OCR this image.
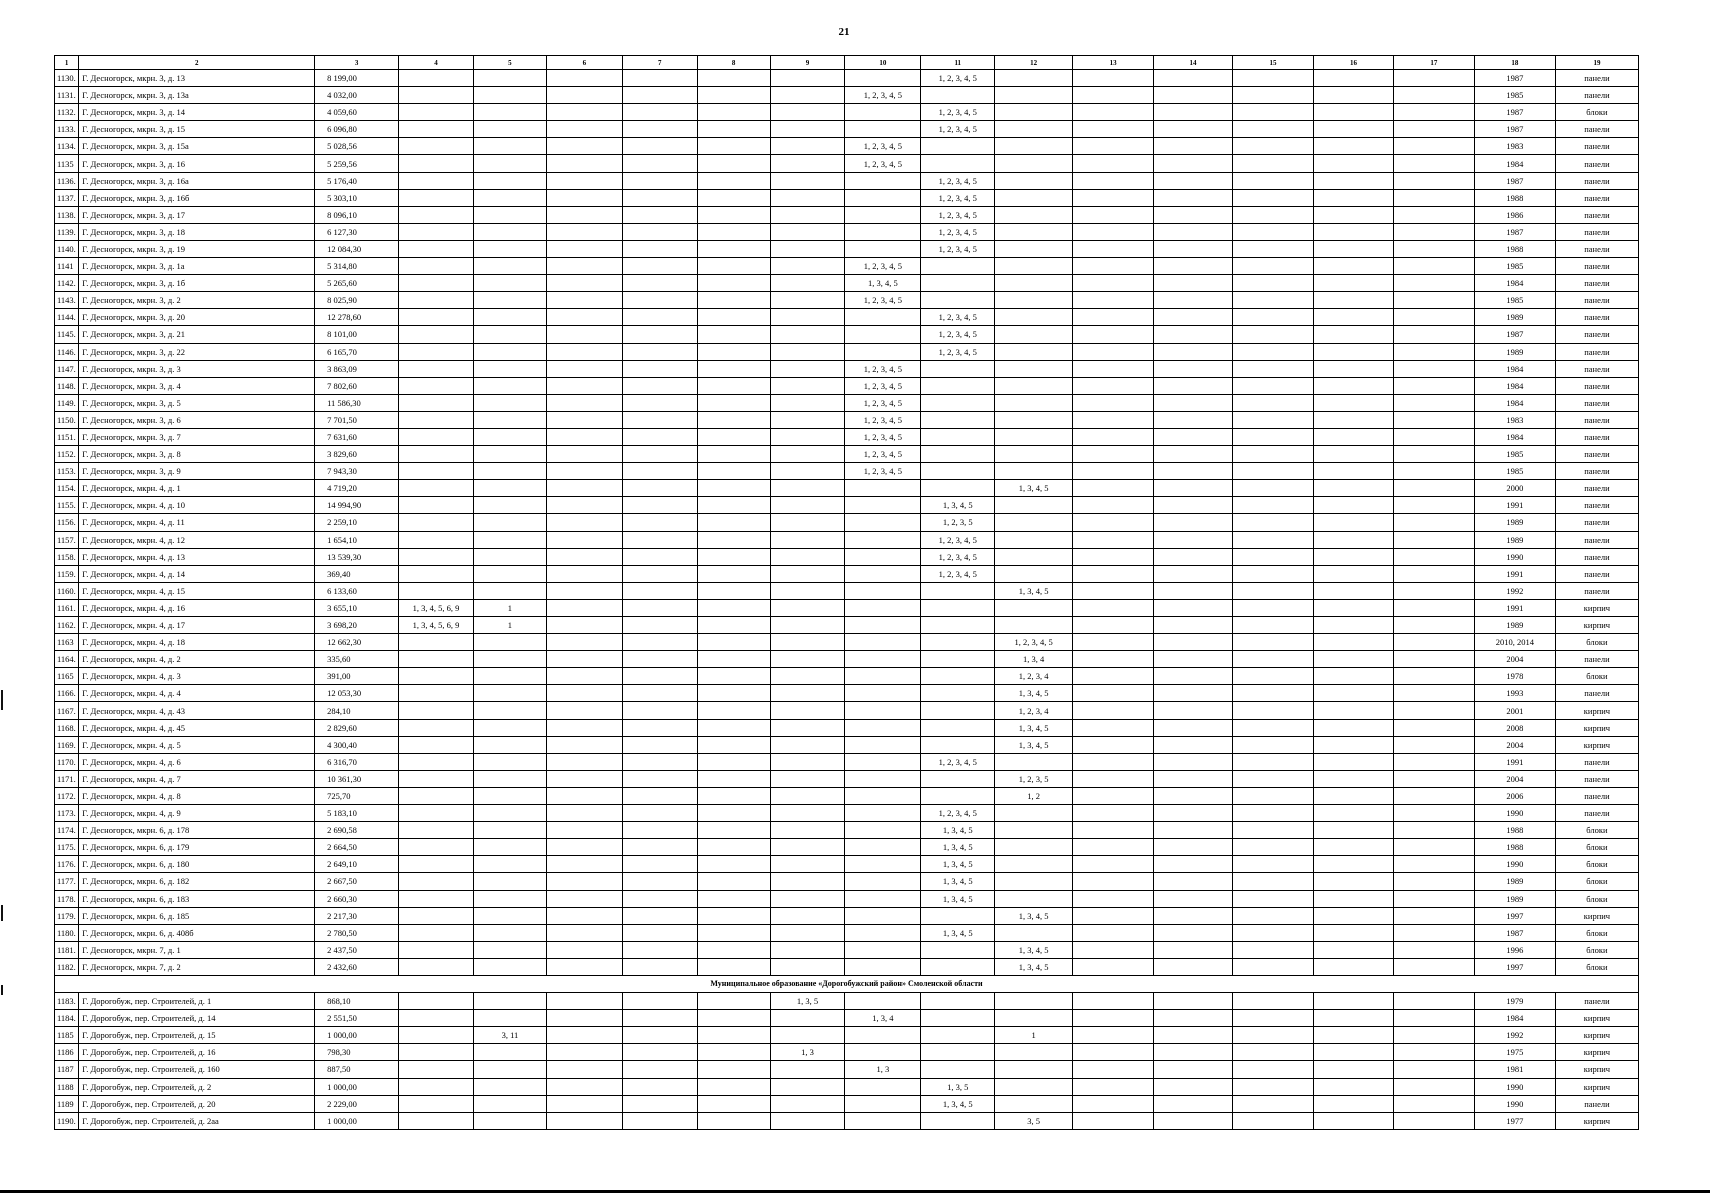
21
1	2	3	4	5	6	7	8	9	10	11	12	13	14	15	16	17	18	19
1130.	Г. Десногорск, мкрн. 3, д. 13	8 199,00								1, 2, 3, 4, 5							1987	панели
1131.	Г. Десногорск, мкрн. 3, д. 13а	4 032,00							1, 2, 3, 4, 5								1985	панели
1132.	Г. Десногорск, мкрн. 3, д. 14	4 059,60								1, 2, 3, 4, 5							1987	блоки
1133.	Г. Десногорск, мкрн. 3, д. 15	6 096,80								1, 2, 3, 4, 5							1987	панели
1134.	Г. Десногорск, мкрн. 3, д. 15а	5 028,56							1, 2, 3, 4, 5								1983	панели
1135	Г. Десногорск, мкрн. 3, д. 16	5 259,56							1, 2, 3, 4, 5								1984	панели
1136.	Г. Десногорск, мкрн. 3, д. 16а	5 176,40								1, 2, 3, 4, 5							1987	панели
1137.	Г. Десногорск, мкрн. 3, д. 16б	5 303,10								1, 2, 3, 4, 5							1988	панели
1138.	Г. Десногорск, мкрн. 3, д. 17	8 096,10								1, 2, 3, 4, 5							1986	панели
1139.	Г. Десногорск, мкрн. 3, д. 18	6 127,30								1, 2, 3, 4, 5							1987	панели
1140.	Г. Десногорск, мкрн. 3, д. 19	12 084,30								1, 2, 3, 4, 5							1988	панели
1141	Г. Десногорск, мкрн. 3, д. 1а	5 314,80							1, 2, 3, 4, 5								1985	панели
1142.	Г. Десногорск, мкрн. 3, д. 1б	5 265,60							1, 3, 4, 5								1984	панели
1143.	Г. Десногорск, мкрн. 3, д. 2	8 025,90							1, 2, 3, 4, 5								1985	панели
1144.	Г. Десногорск, мкрн. 3, д. 20	12 278,60								1, 2, 3, 4, 5							1989	панели
1145.	Г. Десногорск, мкрн. 3, д. 21	8 101,00								1, 2, 3, 4, 5							1987	панели
1146.	Г. Десногорск, мкрн. 3, д. 22	6 165,70								1, 2, 3, 4, 5							1989	панели
1147.	Г. Десногорск, мкрн. 3, д. 3	3 863,09							1, 2, 3, 4, 5								1984	панели
1148.	Г. Десногорск, мкрн. 3, д. 4	7 802,60							1, 2, 3, 4, 5								1984	панели
1149.	Г. Десногорск, мкрн. 3, д. 5	11 586,30							1, 2, 3, 4, 5								1984	панели
1150.	Г. Десногорск, мкрн. 3, д. 6	7 701,50							1, 2, 3, 4, 5								1983	панели
1151.	Г. Десногорск, мкрн. 3, д. 7	7 631,60							1, 2, 3, 4, 5								1984	панели
1152.	Г. Десногорск, мкрн. 3, д. 8	3 829,60							1, 2, 3, 4, 5								1985	панели
1153.	Г. Десногорск, мкрн. 3, д. 9	7 943,30							1, 2, 3, 4, 5								1985	панели
1154.	Г. Десногорск, мкрн. 4, д. 1	4 719,20									1, 3, 4, 5						2000	панели
1155.	Г. Десногорск, мкрн. 4, д. 10	14 994,90								1, 3, 4, 5							1991	панели
1156.	Г. Десногорск, мкрн. 4, д. 11	2 259,10								1, 2, 3, 5							1989	панели
1157.	Г. Десногорск, мкрн. 4, д. 12	1 654,10								1, 2, 3, 4, 5							1989	панели
1158.	Г. Десногорск, мкрн. 4, д. 13	13 539,30								1, 2, 3, 4, 5							1990	панели
1159.	Г. Десногорск, мкрн. 4, д. 14	369,40								1, 2, 3, 4, 5							1991	панели
1160.	Г. Десногорск, мкрн. 4, д. 15	6 133,60									1, 3, 4, 5						1992	панели
1161.	Г. Десногорск, мкрн. 4, д. 16	3 655,10	1, 3, 4, 5, 6, 9	1													1991	кирпич
1162.	Г. Десногорск, мкрн. 4, д. 17	3 698,20	1, 3, 4, 5, 6, 9	1													1989	кирпич
1163	Г. Десногорск, мкрн. 4, д. 18	12 662,30									1, 2, 3, 4, 5						2010, 2014	блоки
1164.	Г. Десногорск, мкрн. 4, д. 2	335,60									1, 3, 4						2004	панели
1165	Г. Десногорск, мкрн. 4, д. 3	391,00									1, 2, 3, 4						1978	блоки
1166.	Г. Десногорск, мкрн. 4, д. 4	12 053,30									1, 3, 4, 5						1993	панели
1167.	Г. Десногорск, мкрн. 4, д. 43	284,10									1, 2, 3, 4						2001	кирпич
1168.	Г. Десногорск, мкрн. 4, д. 45	2 829,60									1, 3, 4, 5						2008	кирпич
1169.	Г. Десногорск, мкрн. 4, д. 5	4 300,40									1, 3, 4, 5						2004	кирпич
1170.	Г. Десногорск, мкрн. 4, д. 6	6 316,70								1, 2, 3, 4, 5							1991	панели
1171.	Г. Десногорск, мкрн. 4, д. 7	10 361,30									1, 2, 3, 5						2004	панели
1172.	Г. Десногорск, мкрн. 4, д. 8	725,70									1, 2						2006	панели
1173.	Г. Десногорск, мкрн. 4, д. 9	5 183,10								1, 2, 3, 4, 5							1990	панели
1174.	Г. Десногорск, мкрн. 6, д. 178	2 690,58								1, 3, 4, 5							1988	блоки
1175.	Г. Десногорск, мкрн. 6, д. 179	2 664,50								1, 3, 4, 5							1988	блоки
1176.	Г. Десногорск, мкрн. 6, д. 180	2 649,10								1, 3, 4, 5							1990	блоки
1177.	Г. Десногорск, мкрн. 6, д. 182	2 667,50								1, 3, 4, 5							1989	блоки
1178.	Г. Десногорск, мкрн. 6, д. 183	2 660,30								1, 3, 4, 5							1989	блоки
1179.	Г. Десногорск, мкрн. 6, д. 185	2 217,30									1, 3, 4, 5						1997	кирпич
1180.	Г. Десногорск, мкрн. 6, д. 408б	2 780,50								1, 3, 4, 5							1987	блоки
1181.	Г. Десногорск, мкрн. 7, д. 1	2 437,50									1, 3, 4, 5						1996	блоки
1182.	Г. Десногорск, мкрн. 7, д. 2	2 432,60									1, 3, 4, 5						1997	блоки
Муниципальное образование «Дорогобужский район» Смоленской области																		
1183.	Г. Дорогобуж, пер. Строителей, д. 1	868,10						1, 3, 5									1979	панели
1184.	Г. Дорогобуж, пер. Строителей, д. 14	2 551,50							1, 3, 4								1984	кирпич
1185	Г. Дорогобуж, пер. Строителей, д. 15	1 000,00		3, 11							1						1992	кирпич
1186	Г. Дорогобуж, пер. Строителей, д. 16	798,30						1, 3									1975	кирпич
1187	Г. Дорогобуж, пер. Строителей, д. 160	887,50							1, 3								1981	кирпич
1188	Г. Дорогобуж, пер. Строителей, д. 2	1 000,00								1, 3, 5							1990	кирпич
1189	Г. Дорогобуж, пер. Строителей, д. 20	2 229,00								1, 3, 4, 5							1990	панели
1190.	Г. Дорогобуж, пер. Строителей, д. 2аа	1 000,00									3, 5						1977	кирпич
